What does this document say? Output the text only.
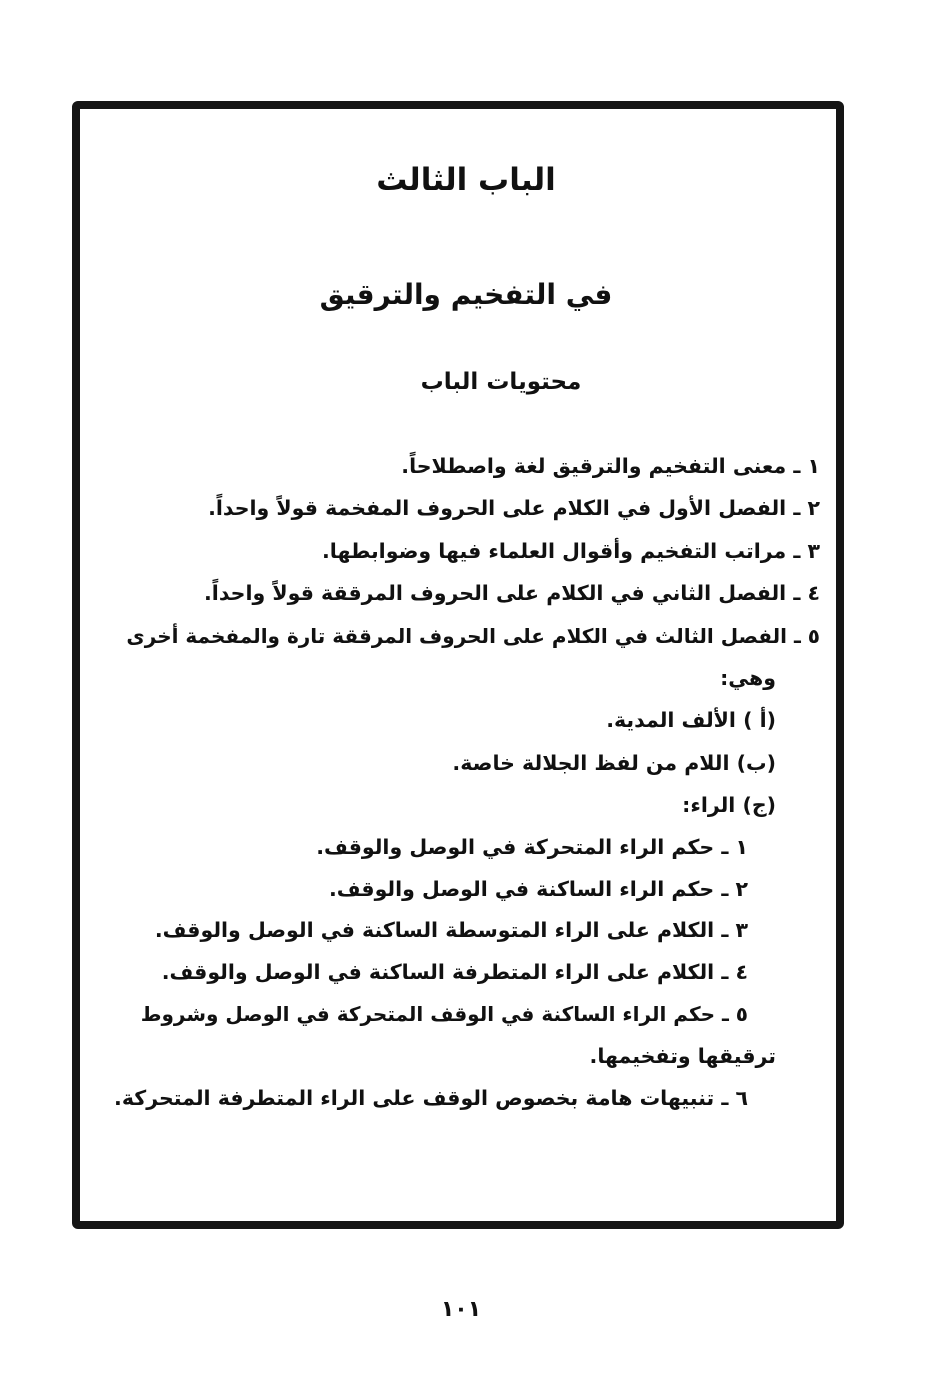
الباب الثالث
في التفخيم والترقيق
محتويات الباب
١ ـ معنى التفخيم والترقيق لغة واصطلاحاً.
٢ ـ الفصل الأول في الكلام على الحروف المفخمة قولاً واحداً.
٣ ـ مراتب التفخيم وأقوال العلماء فيها وضوابطها.
٤ ـ الفصل الثاني في الكلام على الحروف المرققة قولاً واحداً.
٥ ـ الفصل الثالث في الكلام على الحروف المرققة تارة والمفخمة أخرى
وهي:
(أ ) الألف المدية.
(ب) اللام من لفظ الجلالة خاصة.
(ج) الراء:
١ ـ حكم الراء المتحركة في الوصل والوقف.
٢ ـ حكم الراء الساكنة في الوصل والوقف.
٣ ـ الكلام على الراء المتوسطة الساكنة في الوصل والوقف.
٤ ـ الكلام على الراء المتطرفة الساكنة في الوصل والوقف.
٥ ـ حكم الراء الساكنة في الوقف المتحركة في الوصل وشروط
ترقيقها وتفخيمها.
٦ ـ تنبيهات هامة بخصوص الوقف على الراء المتطرفة المتحركة.
١٠١
